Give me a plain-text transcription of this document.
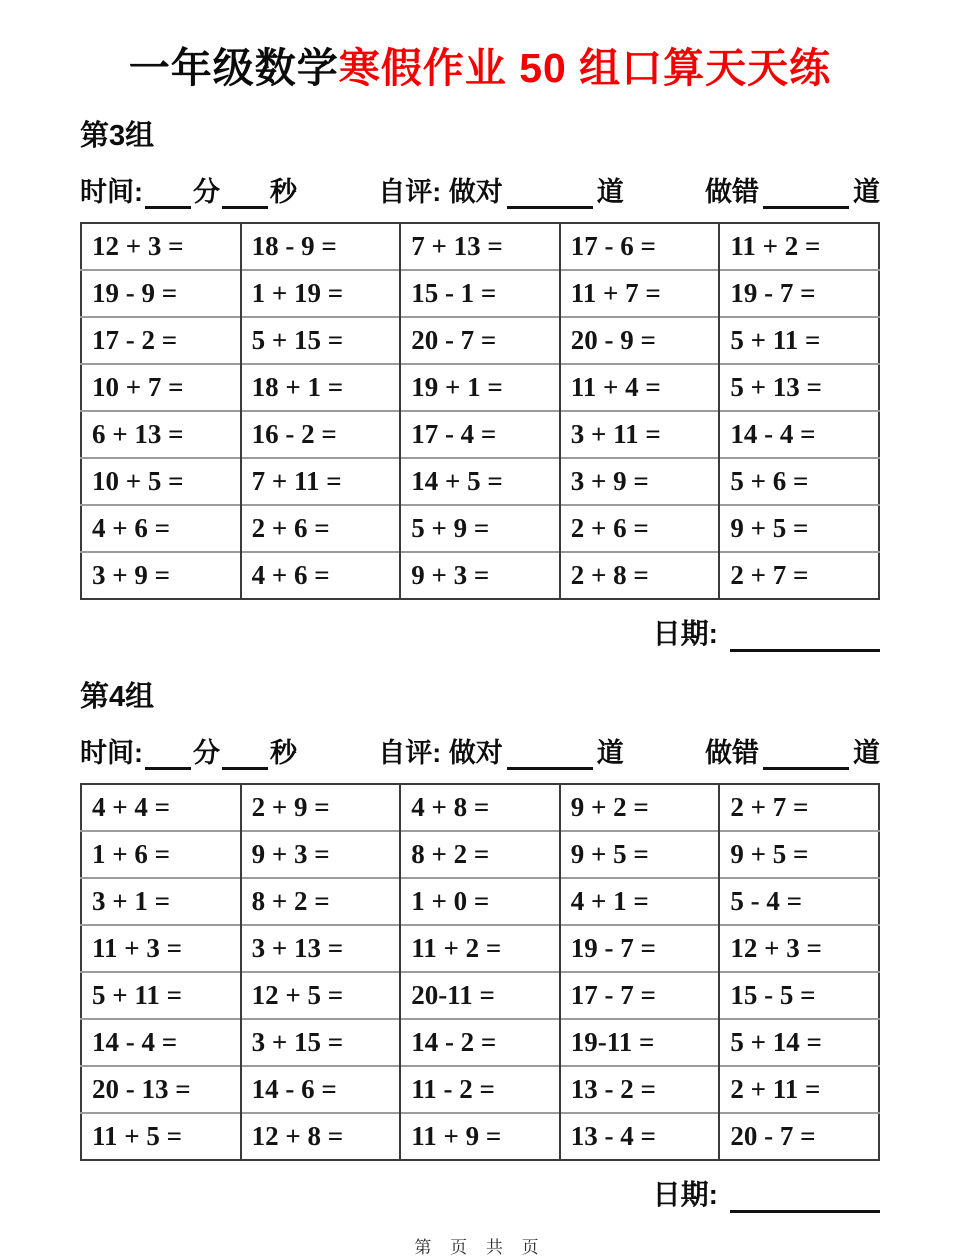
一年级数学寒假作业 50 组口算天天练
第3组
时间: 分 秒	自评: 做对	道	做错	道
12 + 3 =	18 - 9 =	7 + 13 =	17 - 6 =	11 + 2 =
19 - 9 =	1 + 19 =	15 - 1 =	11 + 7 =	19 - 7 =
17 - 2 =	5 + 15 =	20 - 7 =	20 - 9 =	5 + 11 =
10 + 7 =	18 + 1 =	19 + 1 =	11 + 4 =	5 + 13 =
6 + 13 =	16 - 2 =	17 - 4 =	3 + 11 =	14 - 4 =
10 + 5 =	7 + 11 =	14 + 5 =	3 + 9 =	5 + 6 =
4 + 6 =	2 + 6 =	5 + 9 =	2 + 6 =	9 + 5 =
3 + 9 =	4 + 6 =	9 + 3 =	2 + 8 =	2 + 7 =
日期:
第4组
时间: 分 秒	自评: 做对	道	做错	道
4 + 4 =	2 + 9 =	4 + 8 =	9 + 2 =	2 + 7 =
1 + 6 =	9 + 3 =	8 + 2 =	9 + 5 =	9 + 5 =
3 + 1 =	8 + 2 =	1 + 0 =	4 + 1 =	5 - 4 =
11 + 3 =	3 + 13 =	11 + 2 =	19 - 7 =	12 + 3 =
5 + 11 =	12 + 5 =	20-11 =	17 - 7 =	15 - 5 =
14 - 4 =	3 + 15 =	14 - 2 =	19-11 =	5 + 14 =
20 - 13 =	14 - 6 =	11 - 2 =	13 - 2 =	2 + 11 =
11 + 5 =	12 + 8 =	11 + 9 =	13 - 4 =	20 - 7 =
日期:
第 页 共 页
